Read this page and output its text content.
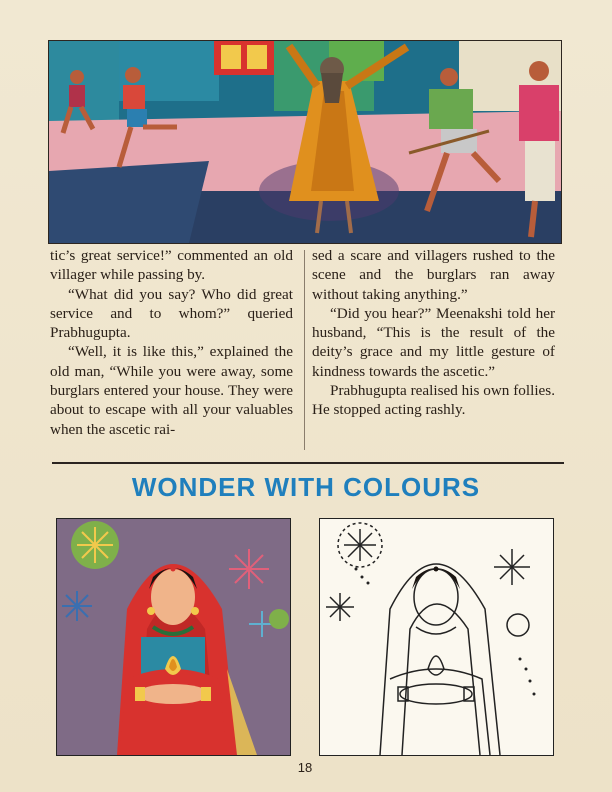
tic’s great service!” commented an old villager while passing by.

“What did you say? Who did great service and to whom?” queried Prabhugupta.

“Well, it is like this,” explained the old man, “While you were away, some burglars entered your house. They were about to escape with all your valuables when the ascetic rai-

sed a scare and villagers rushed to the scene and the burglars ran away without taking anything.”

“Did you hear?” Meenakshi told her husband, “This is the result of the deity’s grace and my little gesture of kindness towards the ascetic.”

Prabhugupta realised his own follies. He stopped acting rashly.

WONDER WITH COLOURS
18
